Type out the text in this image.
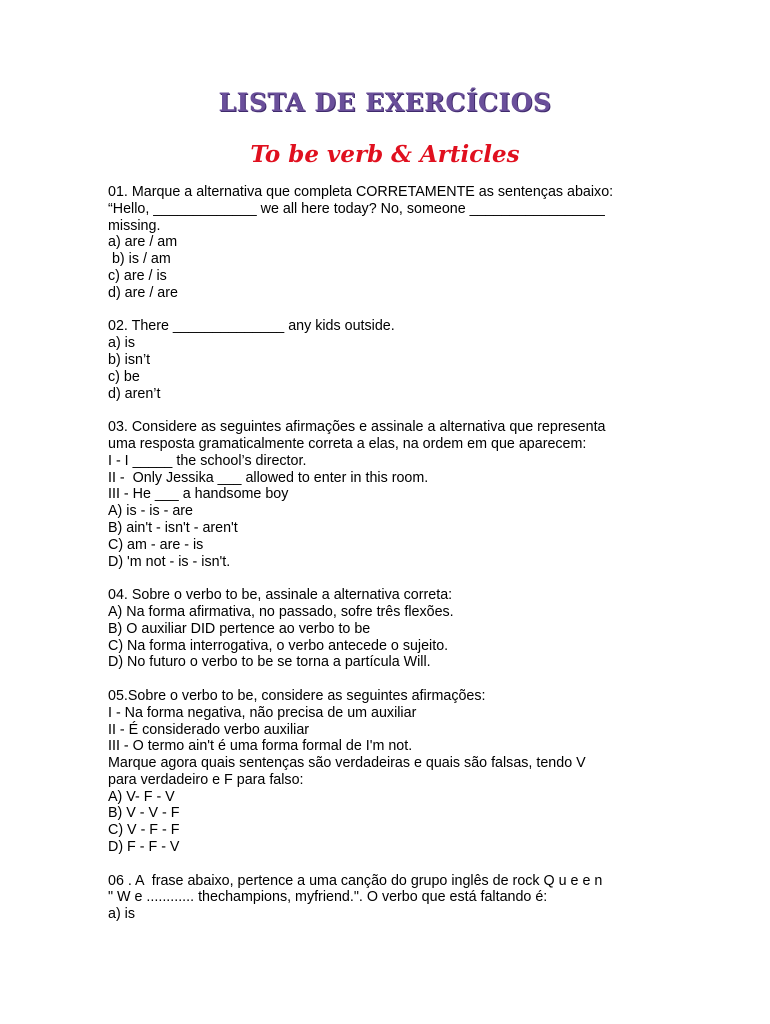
LISTA DE EXERCÍCIOS
To be verb & Articles
01. Marque a alternativa que completa CORRETAMENTE as sentenças abaixo:
“Hello, _____________ we all here today? No, someone _________________
missing.
a) are / am
b) is / am
c) are / is
d) are / are
02. There ______________ any kids outside.
a) is
b) isn’t
c) be
d) aren’t
03. Considere as seguintes afirmações e assinale a alternativa que representa
uma resposta gramaticalmente correta a elas, na ordem em que aparecem:
I - I _____ the school’s director.
II -  Only Jessika ___ allowed to enter in this room.
III - He ___ a handsome boy
A) is - is - are
B) ain't - isn't - aren't
C) am - are - is
D) 'm not - is - isn't.
04. Sobre o verbo to be, assinale a alternativa correta:
A) Na forma afirmativa, no passado, sofre três flexões.
B) O auxiliar DID pertence ao verbo to be
C) Na forma interrogativa, o verbo antecede o sujeito.
D) No futuro o verbo to be se torna a partícula Will.
05.Sobre o verbo to be, considere as seguintes afirmações:
I - Na forma negativa, não precisa de um auxiliar
II - É considerado verbo auxiliar
III - O termo ain't é uma forma formal de I'm not.
Marque agora quais sentenças são verdadeiras e quais são falsas, tendo V
para verdadeiro e F para falso:
A) V- F - V
B) V - V - F
C) V - F - F
D) F - F - V
06 . A  frase abaixo, pertence a uma canção do grupo inglês de rock Q u e e n
" W e ............ thechampions, myfriend.". O verbo que está faltando é:
a) is
